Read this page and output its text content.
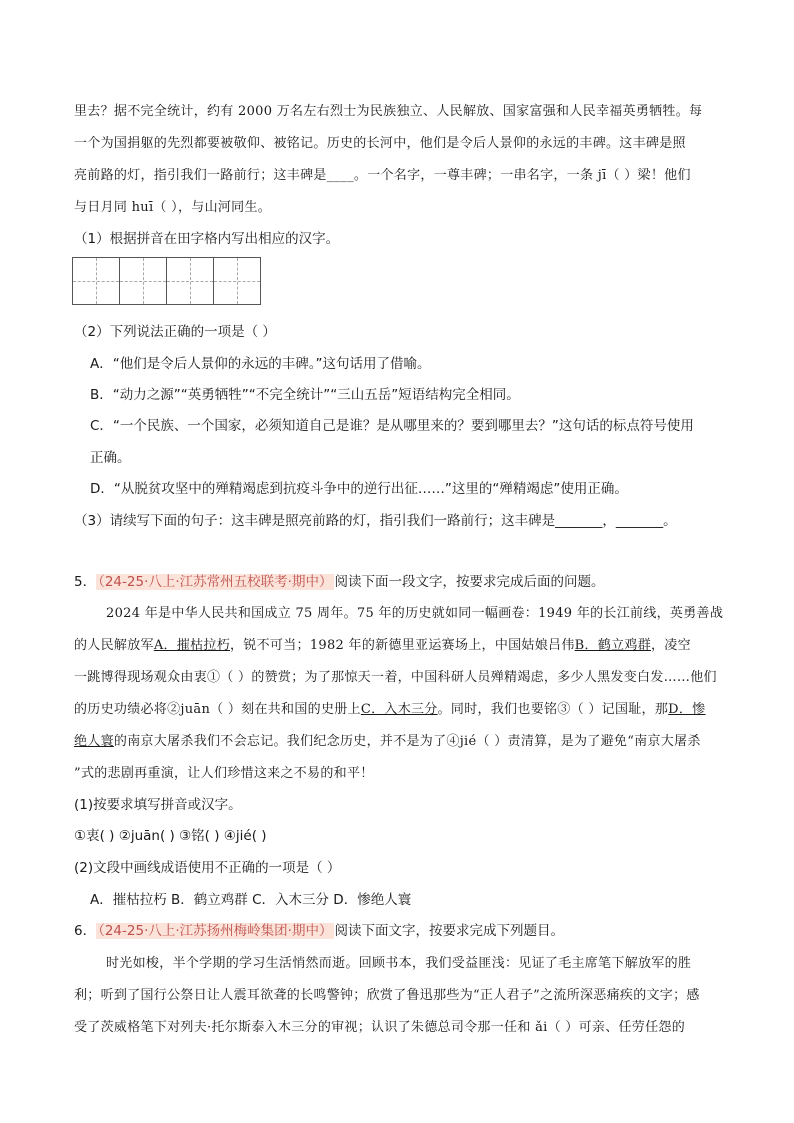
里去？据不完全统计，约有 2000 万名左右烈士为民族独立、人民解放、国家富强和人民幸福英勇牺牲。每
一个为国捐躯的先烈都要被敬仰、被铭记。历史的长河中，他们是令后人景仰的永远的丰碑。这丰碑是照
亮前路的灯，指引我们一路前行；这丰碑是____。一个名字，一尊丰碑；一串名字，一条 jī（ ）梁！他们
与日月同 huī（ ），与山河同生。
（1）根据拼音在田字格内写出相应的汉字。
（2）下列说法正确的一项是（ ）
A．“他们是令后人景仰的永远的丰碑。”这句话用了借喻。
B．“动力之源”“英勇牺牲”“不完全统计”“三山五岳”短语结构完全相同。
C．“一个民族、一个国家，必须知道自己是谁？是从哪里来的？要到哪里去？”这句话的标点符号使用
正确。
D．“从脱贫攻坚中的殚精竭虑到抗疫斗争中的逆行出征……”这里的“殚精竭虑”使用正确。
（3）请续写下面的句子：这丰碑是照亮前路的灯，指引我们一路前行；这丰碑是_______，_______。
5． （24-25·八上·江苏常州五校联考·期中） 阅读下面一段文字，按要求完成后面的问题。
2024 年是中华人民共和国成立 75 周年。75 年的历史就如同一幅画卷：1949 年的长江前线，英勇善战
的人民解放军A．摧枯拉朽，锐不可当；1982 年的新德里亚运赛场上，中国姑娘吕伟B．鹤立鸡群，凌空
一跳博得现场观众由衷①（ ）的赞赏；为了那惊天一着，中国科研人员殚精竭虑，多少人黑发变白发……他们
的历史功绩必将②juān（ ）刻在共和国的史册上C．入木三分。同时，我们也要铭③（ ）记国耻，那D．惨
绝人寰的南京大屠杀我们不会忘记。我们纪念历史，并不是为了④jié（ ）责清算，是为了避免“南京大屠杀
”式的悲剧再重演，让人们珍惜这来之不易的和平！
(1)按要求填写拼音或汉字。
①衷( ) ②juān( ) ③铭( ) ④jié( )
(2)文段中画线成语使用不正确的一项是（ ）
A．摧枯拉朽 B．鹤立鸡群 C．入木三分 D．惨绝人寰
6． （24-25·八上·江苏扬州梅岭集团·期中） 阅读下面文字，按要求完成下列题目。
时光如梭，半个学期的学习生活悄然而逝。回顾书本，我们受益匪浅：见证了毛主席笔下解放军的胜
利；听到了国行公祭日让人震耳欲聋的长鸣警钟；欣赏了鲁迅那些为“正人君子”之流所深恶痛疾的文字；感
受了茨威格笔下对列夫·托尔斯泰入木三分的审视；认识了朱德总司令那一任和 ǎi（ ）可亲、任劳任怨的
